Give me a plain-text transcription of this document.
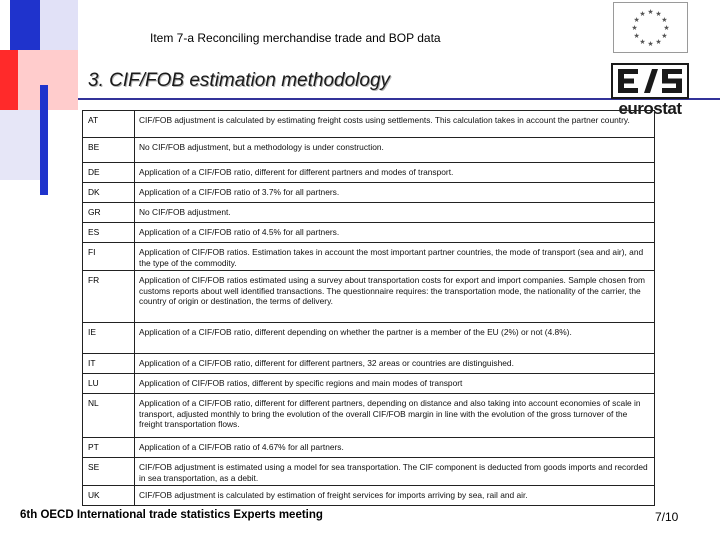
Item 7-a Reconciling merchandise trade and BOP data
3. CIF/FOB estimation methodology
★ ★
★
★
★
★
★
★
★
★
★
★
eurostat
AT	CIF/FOB adjustment is calculated by estimating freight costs using settlements. This calculation takes in account the partner country.
BE	No CIF/FOB adjustment, but a methodology is under construction.
DE	Application of a CIF/FOB ratio, different for different partners and modes of transport.
DK	Application of a CIF/FOB ratio of 3.7% for all partners.
GR	No CIF/FOB adjustment.
ES	Application of a CIF/FOB ratio of 4.5% for all partners.
FI	Application of CIF/FOB ratios. Estimation takes in account the most important partner countries, the mode of transport (sea and air), and the type of the commodity.
FR	Application of CIF/FOB ratios estimated using a survey about transportation costs for export and import companies. Sample chosen from customs reports about well identified transactions. The questionnaire requires: the transportation mode, the nationality of the carrier, the country of origin or destination, the terms of delivery.
IE	Application of a CIF/FOB ratio, different depending on whether the partner is a member of the EU (2%) or not (4.8%).
IT	Application of a CIF/FOB ratio, different for different partners, 32 areas or countries are distinguished.
LU	Application of CIF/FOB ratios, different by specific regions and main modes of transport
NL	Application of a CIF/FOB ratio, different for different partners, depending on distance and also taking into account economies of scale in transport, adjusted monthly to bring the evolution of the overall CIF/FOB margin in line with the evolution of the gross turnover of the freight transportation flows.
PT	Application of a CIF/FOB ratio of 4.67% for all partners.
SE	CIF/FOB adjustment is estimated using a model for sea transportation. The CIF component is deducted from goods imports and recorded in sea transportation, as a debit.
UK	CIF/FOB adjustment is calculated by estimation of freight services for imports arriving by sea, rail and air.
6th OECD International trade statistics Experts meeting	7/10
